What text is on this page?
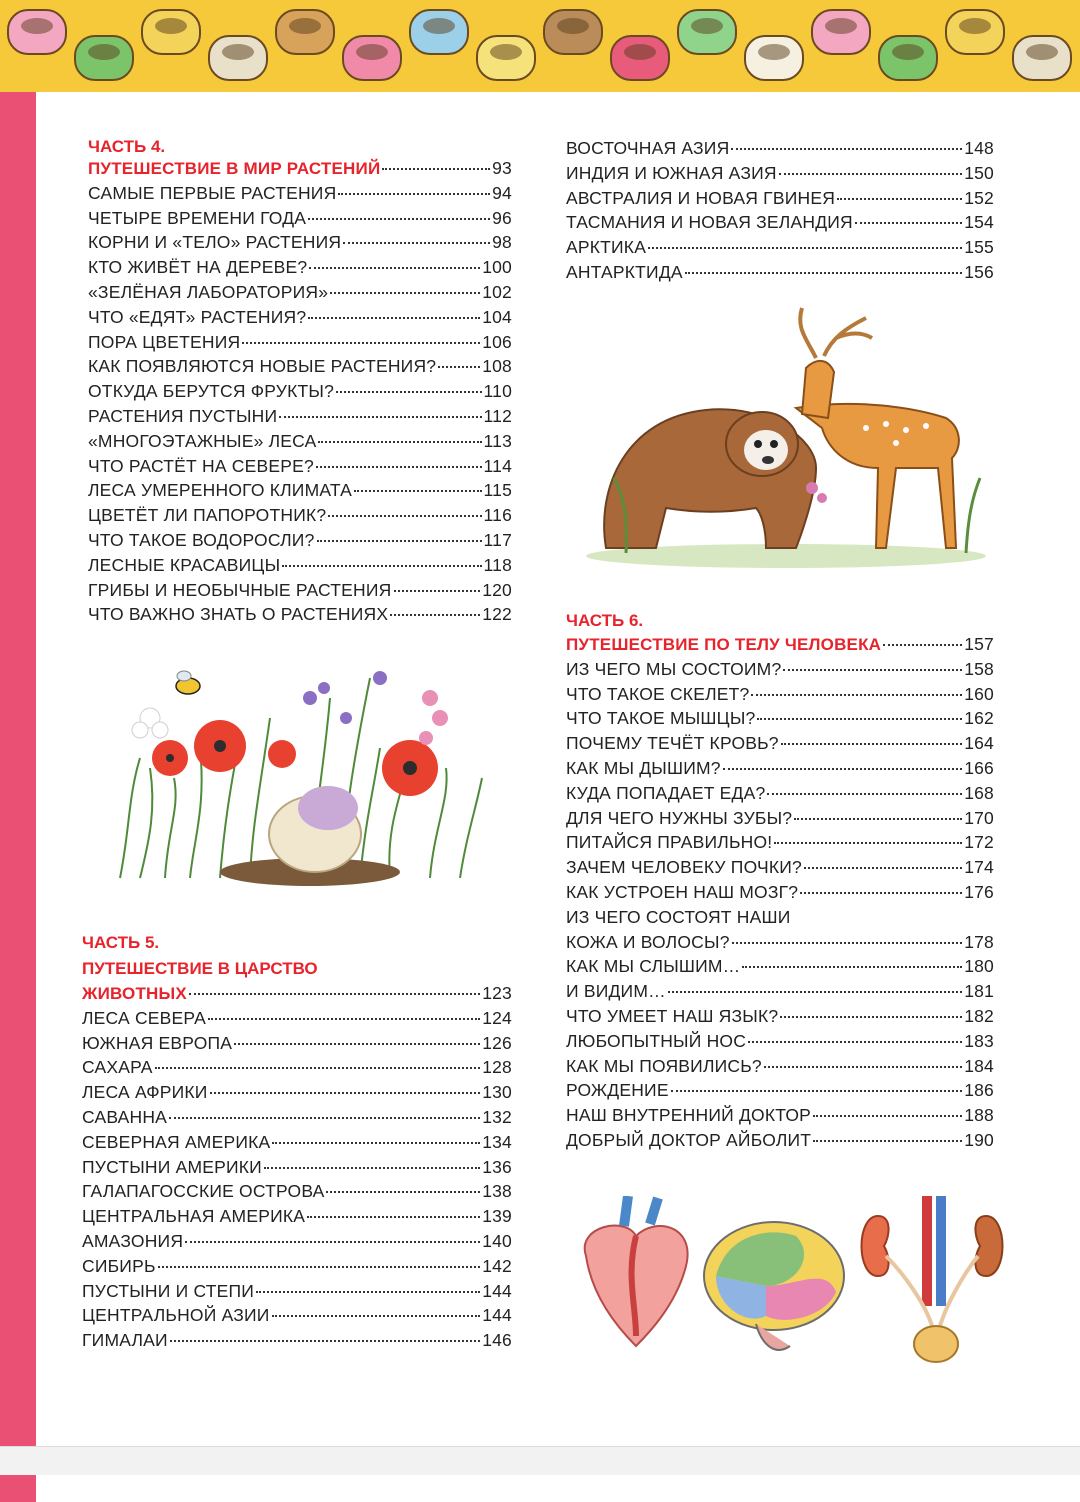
ЧАСТЬ 4.
ПУТЕШЕСТВИЕ В МИР РАСТЕНИЙ	93
САМЫЕ ПЕРВЫЕ РАСТЕНИЯ	94
ЧЕТЫРЕ ВРЕМЕНИ ГОДА	96
КОРНИ И «ТЕЛО» РАСТЕНИЯ	98
КТО ЖИВЁТ НА ДЕРЕВЕ?	100
«ЗЕЛЁНАЯ ЛАБОРАТОРИЯ»	102
ЧТО «ЕДЯТ» РАСТЕНИЯ?	104
ПОРА ЦВЕТЕНИЯ	106
КАК ПОЯВЛЯЮТСЯ НОВЫЕ РАСТЕНИЯ?	108
ОТКУДА БЕРУТСЯ ФРУКТЫ?	110
РАСТЕНИЯ ПУСТЫНИ	112
«МНОГОЭТАЖНЫЕ» ЛЕСА	113
ЧТО РАСТЁТ НА СЕВЕРЕ?	114
ЛЕСА УМЕРЕННОГО КЛИМАТА	115
ЦВЕТЁТ ЛИ ПАПОРОТНИК?	116
ЧТО ТАКОЕ ВОДОРОСЛИ?	117
ЛЕСНЫЕ КРАСАВИЦЫ	118
ГРИБЫ И НЕОБЫЧНЫЕ РАСТЕНИЯ	120
ЧТО ВАЖНО ЗНАТЬ О РАСТЕНИЯХ	122
ЧАСТЬ 5.
ПУТЕШЕСТВИЕ В ЦАРСТВО
ЖИВОТНЫХ	123
ЛЕСА СЕВЕРА	124
ЮЖНАЯ ЕВРОПА	126
САХАРА	128
ЛЕСА АФРИКИ	130
САВАННА	132
СЕВЕРНАЯ АМЕРИКА	134
ПУСТЫНИ АМЕРИКИ	136
ГАЛАПАГОССКИЕ ОСТРОВА	138
ЦЕНТРАЛЬНАЯ АМЕРИКА	139
АМАЗОНИЯ	140
СИБИРЬ	142
ПУСТЫНИ И СТЕПИ	144
ЦЕНТРАЛЬНОЙ АЗИИ	144
ГИМАЛАИ	146
ВОСТОЧНАЯ АЗИЯ	148
ИНДИЯ И ЮЖНАЯ АЗИЯ	150
АВСТРАЛИЯ И НОВАЯ ГВИНЕЯ	152
ТАСМАНИЯ И НОВАЯ ЗЕЛАНДИЯ	154
АРКТИКА	155
АНТАРКТИДА	156
ЧАСТЬ 6.
ПУТЕШЕСТВИЕ ПО ТЕЛУ ЧЕЛОВЕКА	157
ИЗ ЧЕГО МЫ СОСТОИМ?	158
ЧТО ТАКОЕ СКЕЛЕТ?	160
ЧТО ТАКОЕ МЫШЦЫ?	162
ПОЧЕМУ ТЕЧЁТ КРОВЬ?	164
КАК МЫ ДЫШИМ?	166
КУДА ПОПАДАЕТ ЕДА?	168
ДЛЯ ЧЕГО НУЖНЫ ЗУБЫ?	170
ПИТАЙСЯ ПРАВИЛЬНО!	172
ЗАЧЕМ ЧЕЛОВЕКУ ПОЧКИ?	174
КАК УСТРОЕН НАШ МОЗГ?	176
ИЗ ЧЕГО СОСТОЯТ НАШИ
КОЖА И ВОЛОСЫ?	178
КАК МЫ СЛЫШИМ…	180
И ВИДИМ…	181
ЧТО УМЕЕТ НАШ ЯЗЫК?	182
ЛЮБОПЫТНЫЙ НОС	183
КАК МЫ ПОЯВИЛИСЬ?	184
РОЖДЕНИЕ	186
НАШ ВНУТРЕННИЙ ДОКТОР	188
ДОБРЫЙ ДОКТОР АЙБОЛИТ	190
